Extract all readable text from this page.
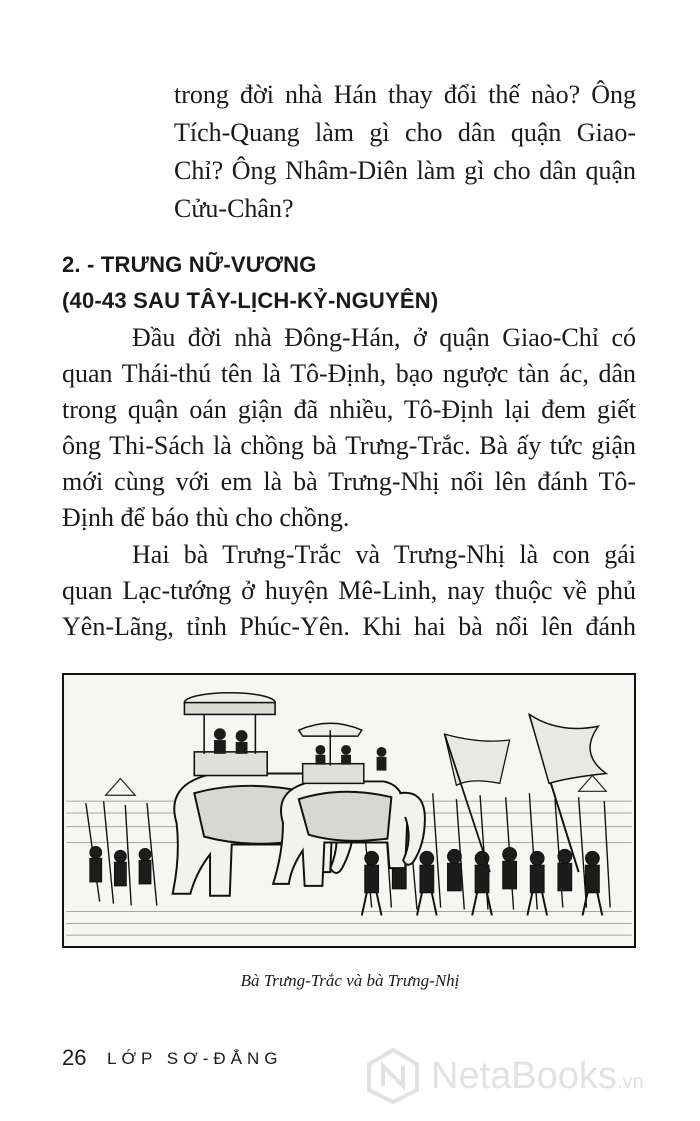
trong đời nhà Hán thay đổi thế nào? Ông
Tích-Quang làm gì cho dân quận Giao-
Chỉ? Ông Nhâm-Diên làm gì cho dân quận
Cửu-Chân?
2. - TRƯNG NỮ-VƯƠNG
(40-43 SAU TÂY-LỊCH-KỶ-NGUYÊN)
Đầu đời nhà Đông-Hán, ở quận Giao-Chỉ có
quan Thái-thú tên là Tô-Định, bạo ngược tàn ác, dân
trong quận oán giận đã nhiều, Tô-Định lại đem giết
ông Thi-Sách là chồng bà Trưng-Trắc. Bà ấy tức giận
mới cùng với em là bà Trưng-Nhị nổi lên đánh Tô-
Định để báo thù cho chồng.
Hai bà Trưng-Trắc và Trưng-Nhị là con gái
quan Lạc-tướng ở huyện Mê-Linh, nay thuộc về phủ
Yên-Lãng, tỉnh Phúc-Yên. Khi hai bà nổi lên đánh
Bà Trưng-Trắc và bà Trưng-Nhị
26 LỚP SƠ-ĐẲNG	NetaBooks.vn
